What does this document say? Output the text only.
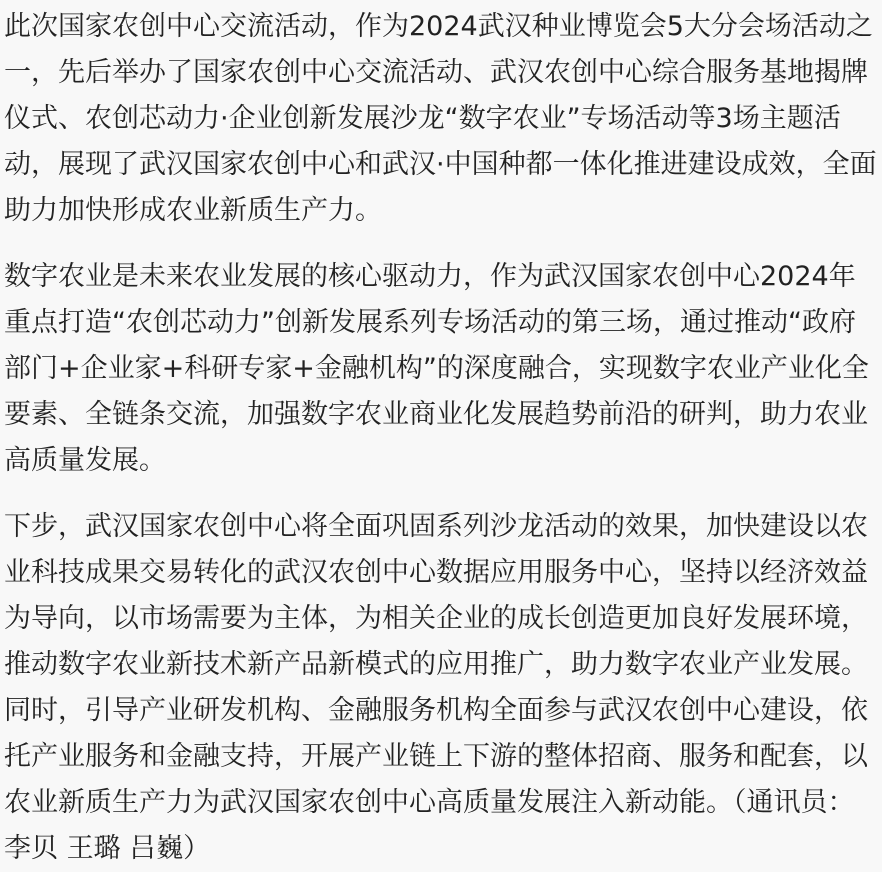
此次国家农创中心交流活动，作为2024武汉种业博览会5大分会场活动之一，先后举办了国家农创中心交流活动、武汉农创中心综合服务基地揭牌仪式、农创芯动力·企业创新发展沙龙“数字农业”专场活动等3场主题活动，展现了武汉国家农创中心和武汉·中国种都一体化推进建设成效，全面助力加快形成农业新质生产力。

数字农业是未来农业发展的核心驱动力，作为武汉国家农创中心2024年重点打造“农创芯动力”创新发展系列专场活动的第三场，通过推动“政府部门+企业家+科研专家+金融机构”的深度融合，实现数字农业产业化全要素、全链条交流，加强数字农业商业化发展趋势前沿的研判，助力农业高质量发展。

下步，武汉国家农创中心将全面巩固系列沙龙活动的效果，加快建设以农业科技成果交易转化的武汉农创中心数据应用服务中心，坚持以经济效益为导向，以市场需要为主体，为相关企业的成长创造更加良好发展环境，推动数字农业新技术新产品新模式的应用推广，助力数字农业产业发展。同时，引导产业研发机构、金融服务机构全面参与武汉农创中心建设，依托产业服务和金融支持，开展产业链上下游的整体招商、服务和配套，以农业新质生产力为武汉国家农创中心高质量发展注入新动能。（通讯员：李贝 王璐 吕巍）
